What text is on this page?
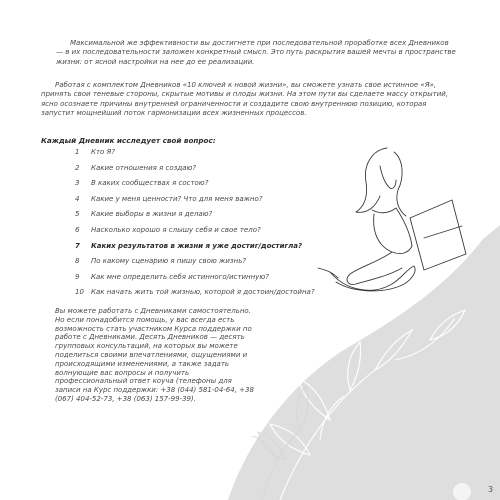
Максимальной же эффективности вы достигнете при последовательной проработке всех Дневников — в их последовательности заложен конкретный смысл. Это путь раскрытия вашей мечты в пространстве жизни: от ясной настройки на нее до ее реализации.

Работая с комплектом Дневников «10 ключей к новой жизни», вы сможете узнать свое истинное «Я», принять свои теневые стороны, скрытые мотивы и плоды жизни. На этом пути вы сделаете массу открытий, ясно осознаете причины внутренней ограниченности и создадите свою внутреннюю позицию, которая запустит мощнейший поток гармонизации всех жизненных процессов.

Каждый Дневник исследует свой вопрос:
1	Кто Я?
2	Какие отношения я создаю?
3	В каких сообществах я состою?
4	Какие у меня ценности? Что для меня важно?
5	Какие выборы в жизни я делаю?
6	Насколько хорошо я слышу себя и свое тело?
7	Каких результатов в жизни я уже достиг/достигла?
8	По какому сценарию я пишу свою жизнь?
9	Как мне определить себя истинного/истинную?
10	Как начать жить той жизнью, которой я достоин/достойна?

Вы можете работать с Дневниками самостоятельно. Но если понадобится помощь, у вас всегда есть возможность стать участником Курса поддержки по работе с Дневниками. Десять Дневников — десять групповых консультаций, на которых вы можете поделиться своими впечатлениями, ощущениями и происходящими изменениями, а также задать волнующие вас вопросы и получить профессиональный ответ коуча (телефоны для записи на Курс поддержки: +38 (044) 581-04-64, +38 (067) 404-52-73, +38 (063) 157-99-39).

3
